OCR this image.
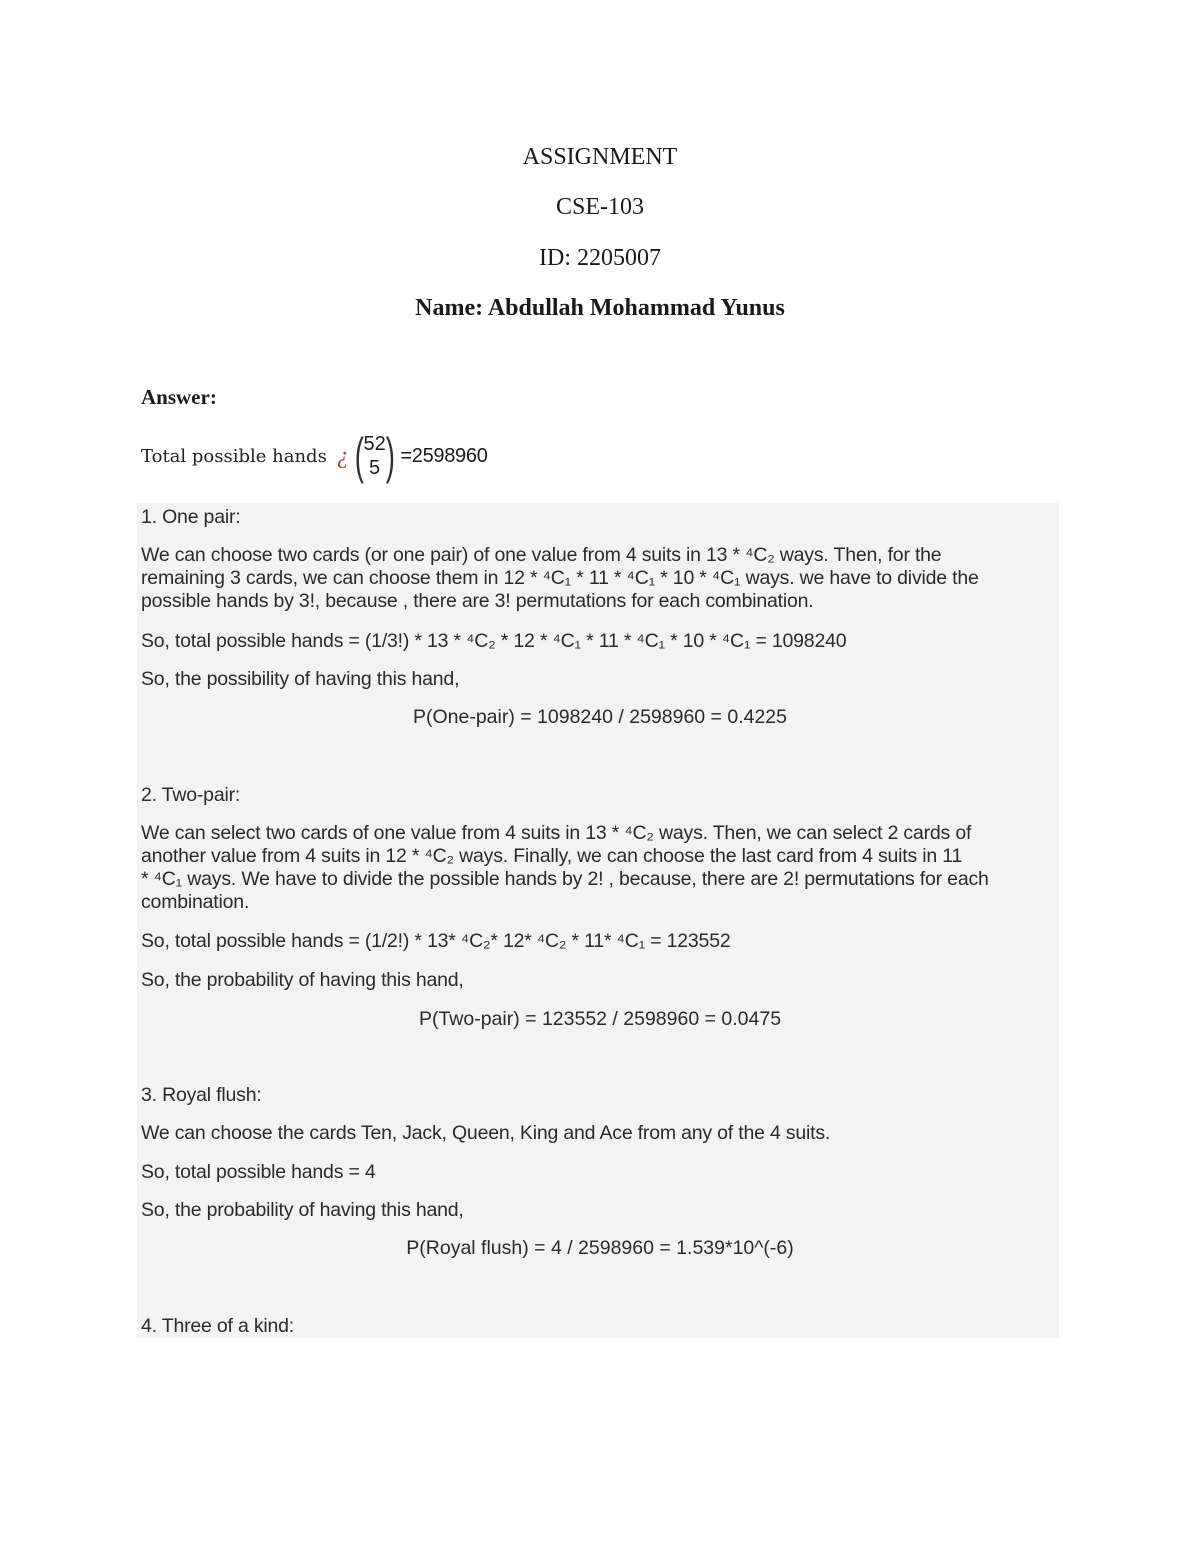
ASSIGNMENT
CSE-103
ID: 2205007
Name: Abdullah Mohammad Yunus
Answer:
Total possible hands ¿ ( 52
5 ) =2598960
1. One pair:
We can choose two cards (or one pair) of one value from 4 suits in 13 * ⁴C₂ ways. Then, for the
remaining 3 cards, we can choose them in 12 * ⁴C₁ * 11 * ⁴C₁ * 10 * ⁴C₁ ways. we have to divide the
possible hands by 3!, because , there are 3! permutations for each combination.
So, total possible hands = (1/3!) * 13 * ⁴C₂ * 12 * ⁴C₁ * 11 * ⁴C₁ * 10 * ⁴C₁ = 1098240
So, the possibility of having this hand,
P(One-pair) = 1098240 / 2598960 = 0.4225
2. Two-pair:
We can select two cards of one value from 4 suits in 13 * ⁴C₂ ways. Then, we can select 2 cards of
another value from 4 suits in 12 * ⁴C₂ ways. Finally, we can choose the last card from 4 suits in 11
* ⁴C₁ ways. We have to divide the possible hands by 2! , because, there are 2! permutations for each
combination.
So, total possible hands = (1/2!) * 13* ⁴C₂* 12* ⁴C₂ * 11* ⁴C₁ = 123552
So, the probability of having this hand,
P(Two-pair) = 123552 / 2598960 = 0.0475
3. Royal flush:
We can choose the cards Ten, Jack, Queen, King and Ace from any of the 4 suits.
So, total possible hands = 4
So, the probability of having this hand,
P(Royal flush) = 4 / 2598960 = 1.539*10^(-6)
4. Three of a kind:
